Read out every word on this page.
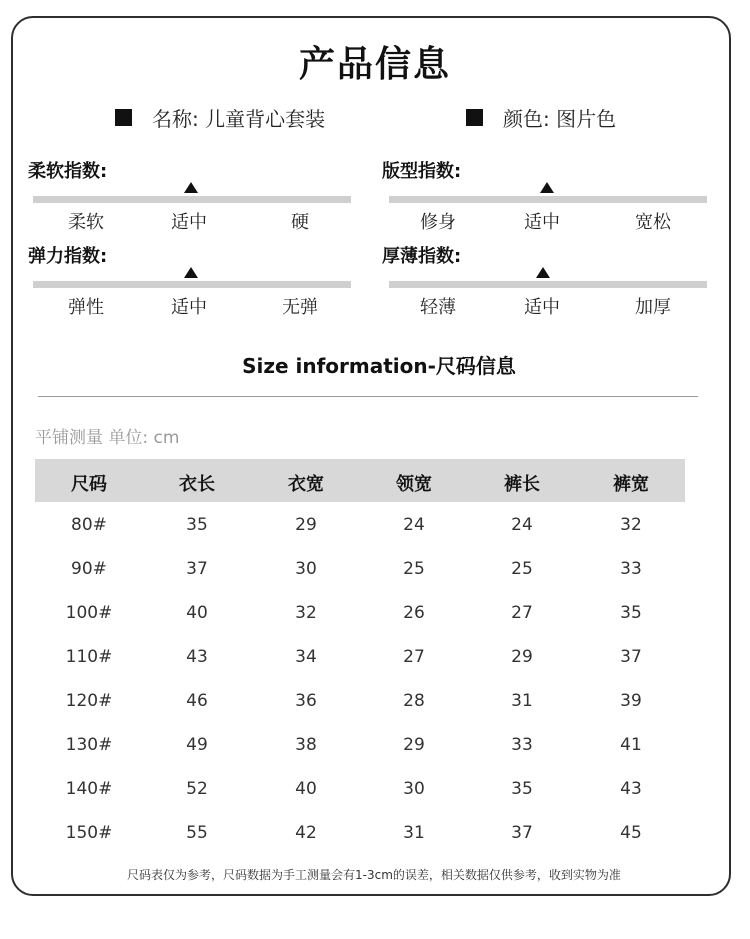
产品信息
名称: 儿童背心套装	颜色: 图片色
柔软指数:
柔软	适中	硬
版型指数:
修身	适中	宽松
弹力指数:
弹性	适中	无弹
厚薄指数:
轻薄	适中	加厚
Size information-尺码信息
平铺测量 单位: cm
尺码	衣长	衣宽	领宽	裤长	裤宽
80#	35	29	24	24	32
90#	37	30	25	25	33
100#	40	32	26	27	35
110#	43	34	27	29	37
120#	46	36	28	31	39
130#	49	38	29	33	41
140#	52	40	30	35	43
150#	55	42	31	37	45
尺码表仅为参考，尺码数据为手工测量会有1-3cm的误差，相关数据仅供参考，收到实物为准
